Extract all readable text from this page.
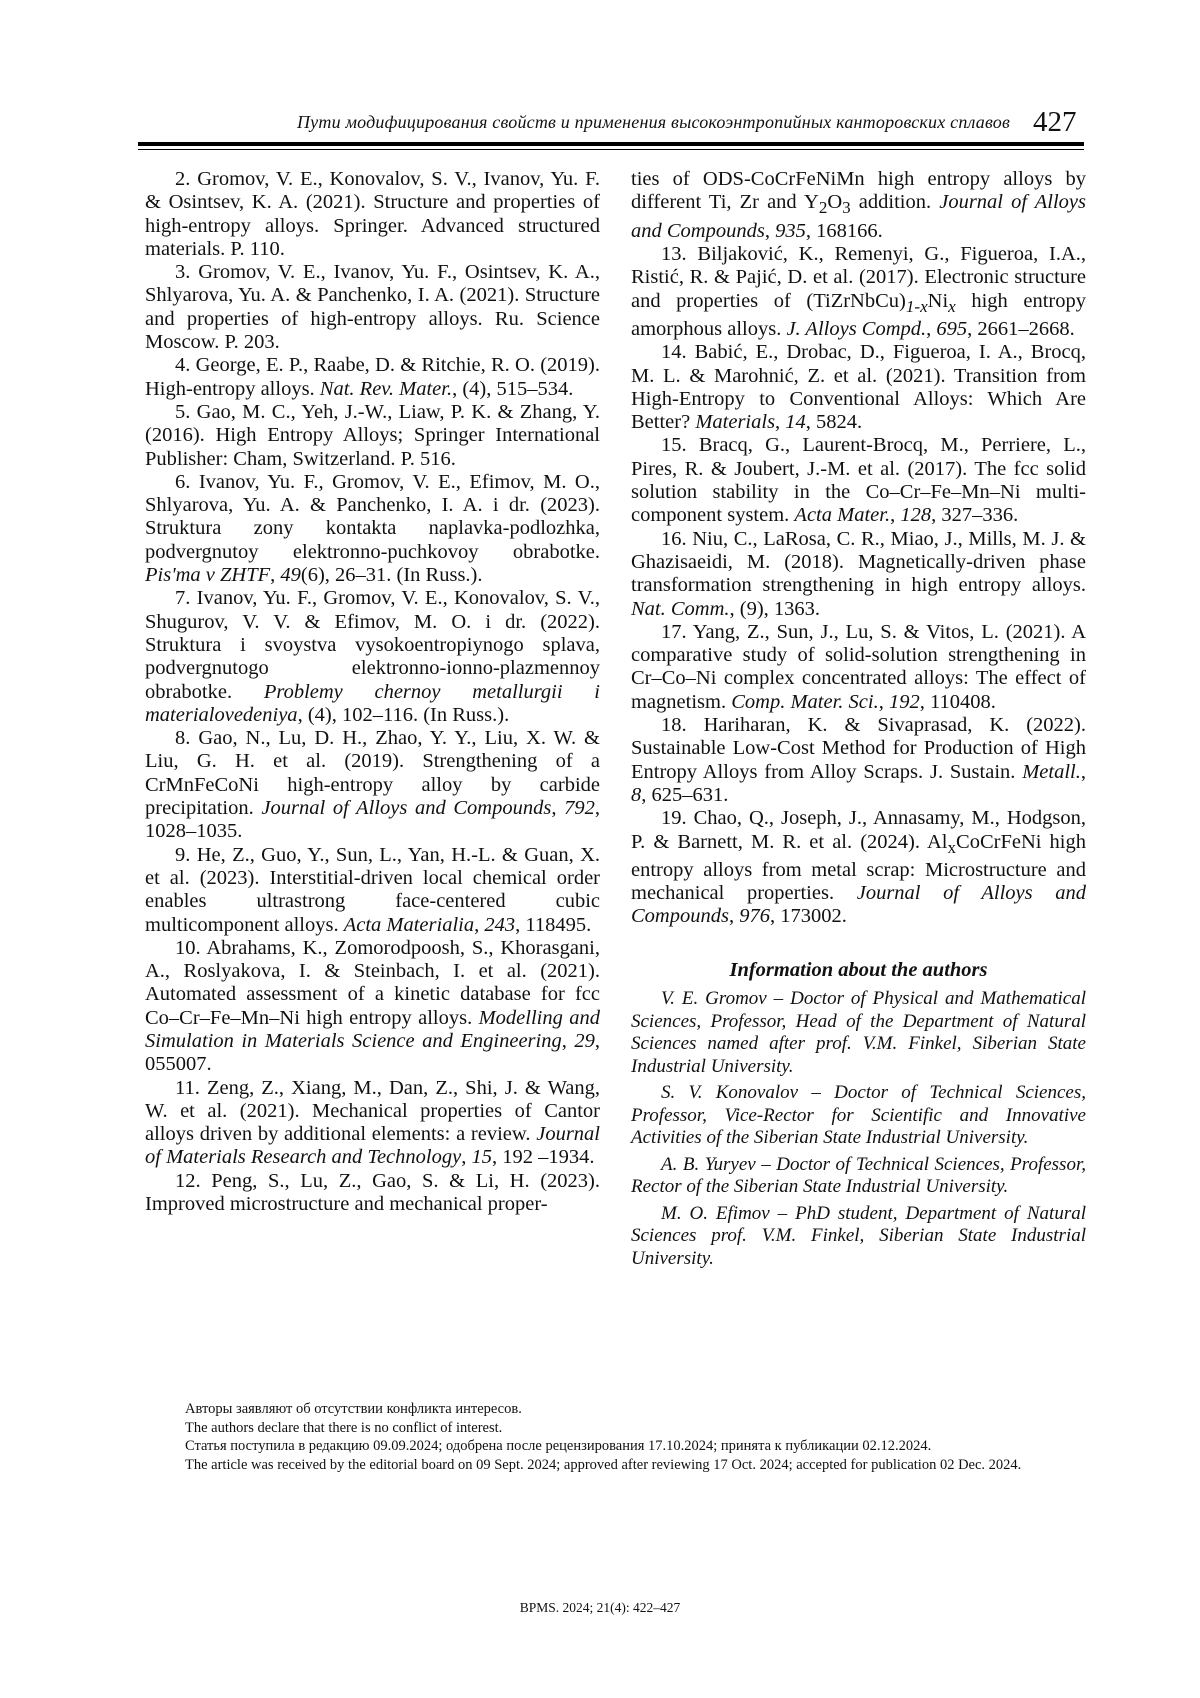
Пути модифицирования свойств и применения высокоэнтропийных канторовских сплавов 427

2. Gromov, V. E., Konovalov, S. V., Ivanov, Yu. F. & Osintsev, K. A. (2021). Structure and properties of high-entropy alloys. Springer. Advanced structured materials. P. 110.

3. Gromov, V. E., Ivanov, Yu. F., Osintsev, K. A., Shlyarova, Yu. A. & Panchenko, I. A. (2021). Structure and properties of high-entropy alloys. Ru. Science Moscow. P. 203.

4. George, E. P., Raabe, D. & Ritchie, R. O. (2019). High-entropy alloys. Nat. Rev. Mater., (4), 515–534.

5. Gao, M. C., Yeh, J.-W., Liaw, P. K. & Zhang, Y. (2016). High Entropy Alloys; Springer International Publisher: Cham, Switzerland. P. 516.

6. Ivanov, Yu. F., Gromov, V. E., Efimov, M. O., Shlyarova, Yu. A. & Panchenko, I. A. i dr. (2023). Struktura zony kontakta naplavka-podlozhka, podvergnutoy elektronno-puchkovoy obrabotke. Pis'ma v ZHTF, 49(6), 26–31. (In Russ.).

7. Ivanov, Yu. F., Gromov, V. E., Konovalov, S. V., Shugurov, V. V. & Efimov, M. O. i dr. (2022). Struktura i svoystva vysokoentropiynogo splava, podvergnutogo elektronno-ionno-plazmennoy obrabotke. Problemy chernoy metallurgii i materialovedeniya, (4), 102–116. (In Russ.).

8. Gao, N., Lu, D. H., Zhao, Y. Y., Liu, X. W. & Liu, G. H. et al. (2019). Strengthening of a CrMnFeCoNi high-entropy alloy by carbide precipitation. Journal of Alloys and Compounds, 792, 1028–1035.

9. He, Z., Guo, Y., Sun, L., Yan, H.-L. & Guan, X. et al. (2023). Interstitial-driven local chemical order enables ultrastrong face-centered cubic multicomponent alloys. Acta Materialia, 243, 118495.

10. Abrahams, K., Zomorodpoosh, S., Khorasgani, A., Roslyakova, I. & Steinbach, I. et al. (2021). Automated assessment of a kinetic database for fcc Co–Cr–Fe–Mn–Ni high entropy alloys. Modelling and Simulation in Materials Science and Engineering, 29, 055007.

11. Zeng, Z., Xiang, M., Dan, Z., Shi, J. & Wang, W. et al. (2021). Mechanical properties of Cantor alloys driven by additional elements: a review. Journal of Materials Research and Technology, 15, 192 –1934.

12. Peng, S., Lu, Z., Gao, S. & Li, H. (2023). Improved microstructure and mechanical proper-

ties of ODS-CoCrFeNiMn high entropy alloys by different Ti, Zr and $Y_2O_3$ addition. Journal of Alloys and Compounds, 935, 168166.

13. Biljaković, K., Remenyi, G., Figueroa, I.A., Ristić, R. & Pajić, D. et al. (2017). Electronic structure and properties of $(TiZrNbCu)_{1-x}Ni_x$ high entropy amorphous alloys. J. Alloys Compd., 695, 2661–2668.

14. Babić, E., Drobac, D., Figueroa, I. A., Brocq, M. L. & Marohnić, Z. et al. (2021). Transition from High-Entropy to Conventional Alloys: Which Are Better? Materials, 14, 5824.

15. Bracq, G., Laurent-Brocq, M., Perriere, L., Pires, R. & Joubert, J.-M. et al. (2017). The fcc solid solution stability in the Co–Cr–Fe–Mn–Ni multi-component system. Acta Mater., 128, 327–336.

16. Niu, C., LaRosa, C. R., Miao, J., Mills, M. J. & Ghazisaeidi, M. (2018). Magnetically-driven phase transformation strengthening in high entropy alloys. Nat. Comm., (9), 1363.

17. Yang, Z., Sun, J., Lu, S. & Vitos, L. (2021). A comparative study of solid-solution strengthening in Cr–Co–Ni complex concentrated alloys: The effect of magnetism. Comp. Mater. Sci., 192, 110408.

18. Hariharan, K. & Sivaprasad, K. (2022). Sustainable Low-Cost Method for Production of High Entropy Alloys from Alloy Scraps. J. Sustain. Metall., 8, 625–631.

19. Chao, Q., Joseph, J., Annasamy, M., Hodgson, P. & Barnett, M. R. et al. (2024). $Al_xCoCrFeNi$ high entropy alloys from metal scrap: Microstructure and mechanical properties. Journal of Alloys and Compounds, 976, 173002.

Information about the authors

V. E. Gromov – Doctor of Physical and Mathematical Sciences, Professor, Head of the Department of Natural Sciences named after prof. V.M. Finkel, Siberian State Industrial University.

S. V. Konovalov – Doctor of Technical Sciences, Professor, Vice-Rector for Scientific and Innovative Activities of the Siberian State Industrial University.

A. B. Yuryev – Doctor of Technical Sciences, Professor, Rector of the Siberian State Industrial University.

M. O. Efimov – PhD student, Department of Natural Sciences prof. V.M. Finkel, Siberian State Industrial University.

Авторы заявляют об отсутствии конфликта интересов.

The authors declare that there is no conflict of interest.

Статья поступила в редакцию 09.09.2024; одобрена после рецензирования 17.10.2024; принята к публикации 02.12.2024.

The article was received by the editorial board on 09 Sept. 2024; approved after reviewing 17 Oct. 2024; accepted for publication 02 Dec. 2024.

BPMS. 2024; 21(4): 422–427
